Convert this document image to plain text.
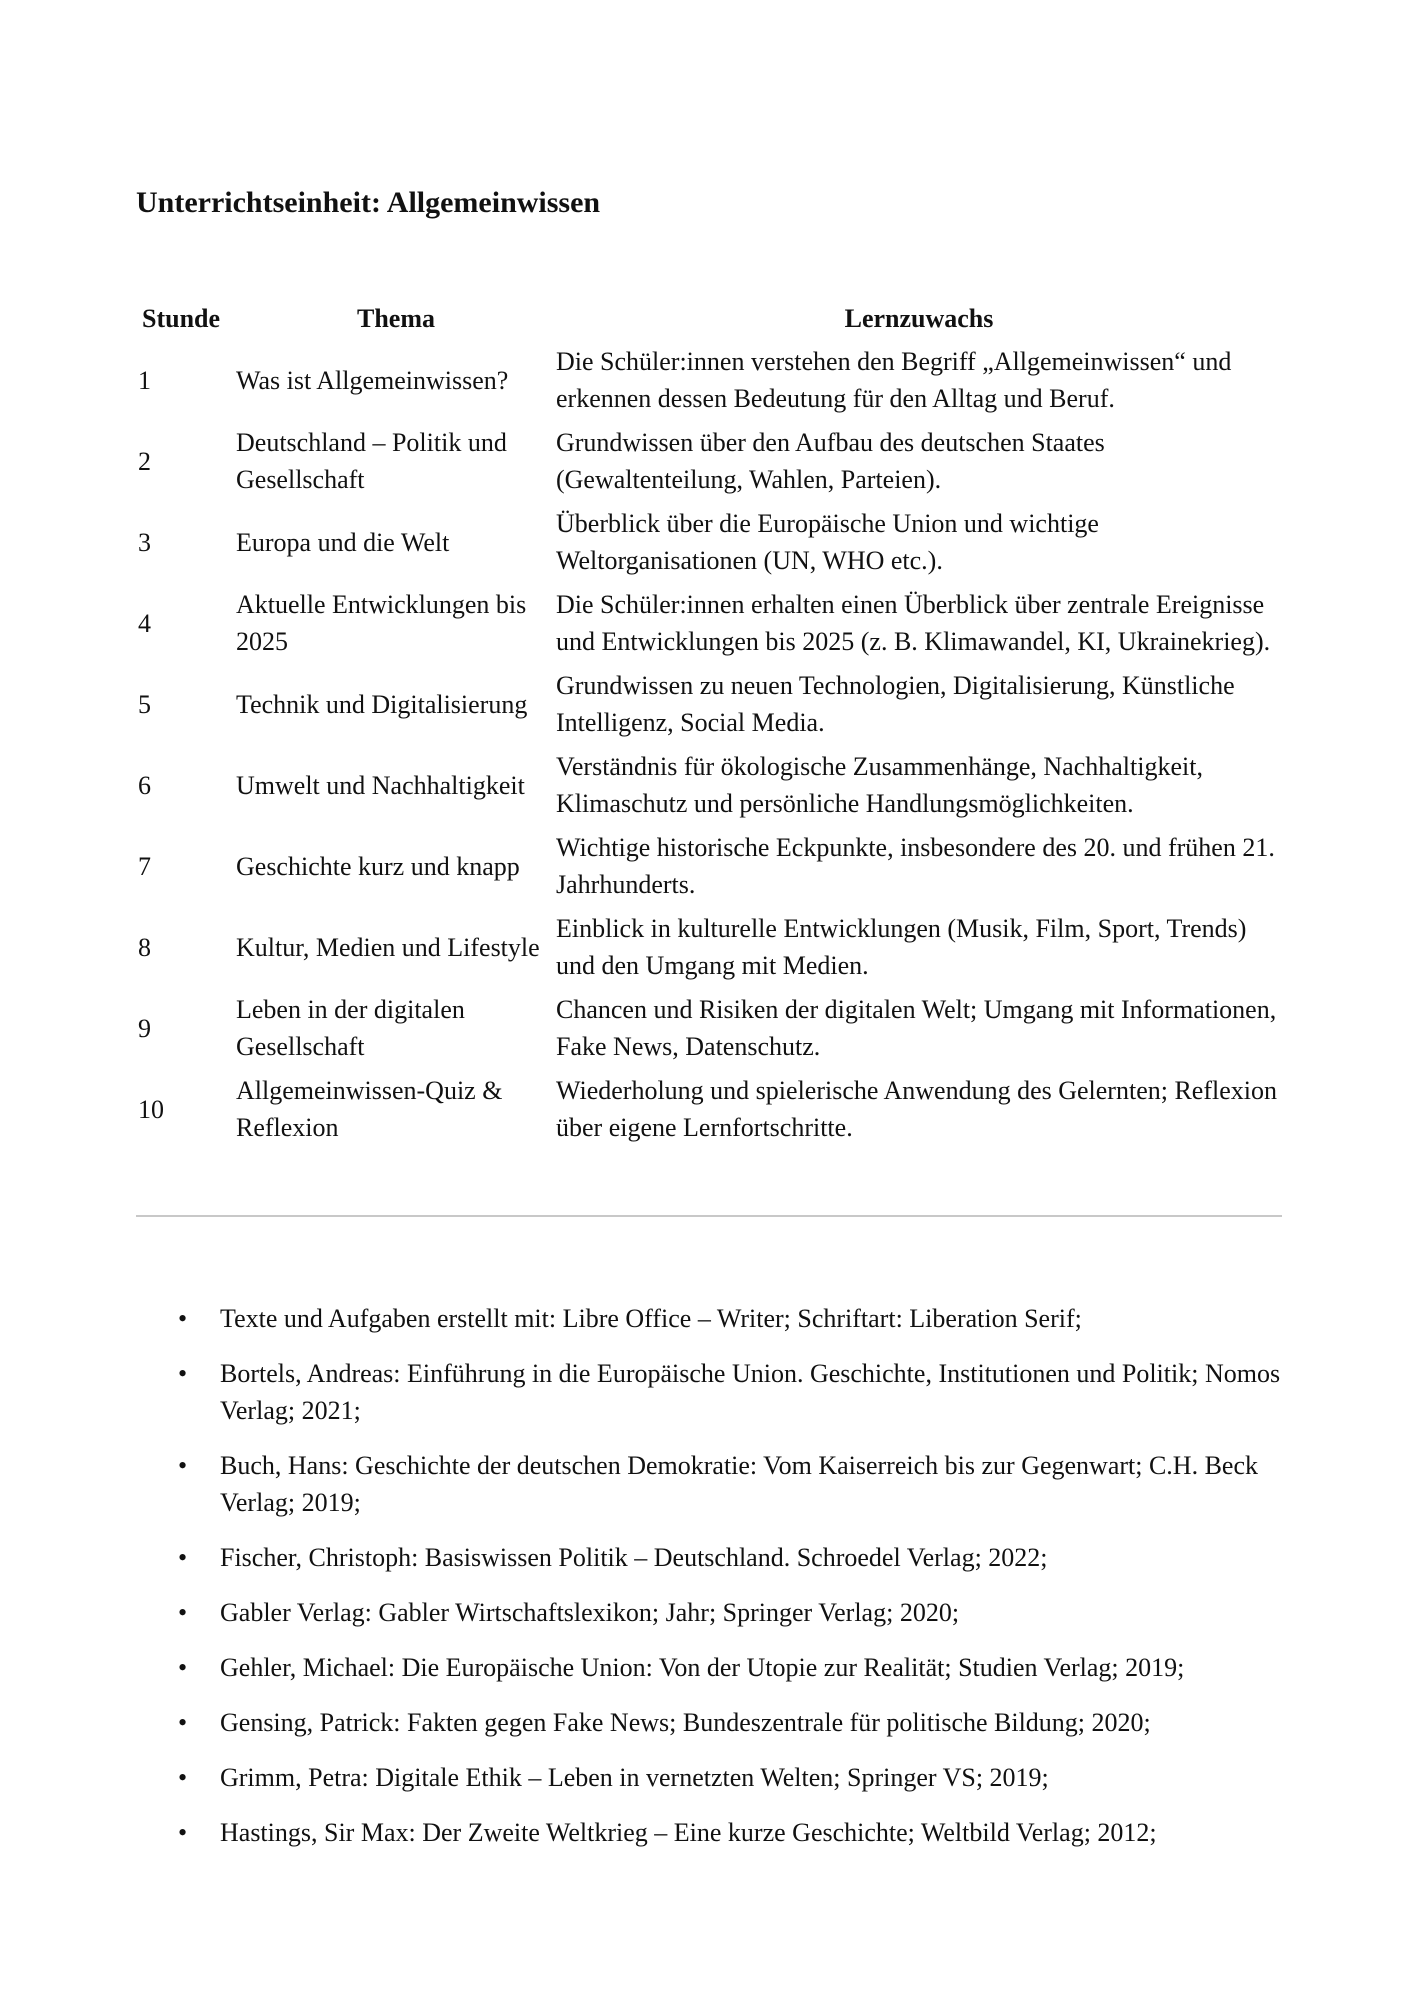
Unterrichtseinheit: Allgemeinwissen
Stunde	Thema	Lernzuwachs
1	Was ist Allgemeinwissen?	Die Schüler:innen verstehen den Begriff „Allgemeinwissen“ und erkennen dessen Bedeutung für den Alltag und Beruf.
2	Deutschland – Politik und Gesellschaft	Grundwissen über den Aufbau des deutschen Staates (Gewaltenteilung, Wahlen, Parteien).
3	Europa und die Welt	Überblick über die Europäische Union und wichtige Weltorganisationen (UN, WHO etc.).
4	Aktuelle Entwicklungen bis 2025	Die Schüler:innen erhalten einen Überblick über zentrale Ereignisse und Entwicklungen bis 2025 (z. B. Klimawandel, KI, Ukrainekrieg).
5	Technik und Digitalisierung	Grundwissen zu neuen Technologien, Digitalisierung, Künstliche Intelligenz, Social Media.
6	Umwelt und Nachhaltigkeit	Verständnis für ökologische Zusammenhänge, Nachhaltigkeit, Klimaschutz und persönliche Handlungsmöglichkeiten.
7	Geschichte kurz und knapp	Wichtige historische Eckpunkte, insbesondere des 20. und frühen 21. Jahrhunderts.
8	Kultur, Medien und Lifestyle	Einblick in kulturelle Entwicklungen (Musik, Film, Sport, Trends) und den Umgang mit Medien.
9	Leben in der digitalen Gesellschaft	Chancen und Risiken der digitalen Welt; Umgang mit Informationen, Fake News, Datenschutz.
10	Allgemeinwissen-Quiz & Reflexion	Wiederholung und spielerische Anwendung des Gelernten; Reflexion über eigene Lernfortschritte.
• Texte und Aufgaben erstellt mit: Libre Office – Writer; Schriftart: Liberation Serif;
• Bortels, Andreas: Einführung in die Europäische Union. Geschichte, Institutionen und Politik; Nomos Verlag; 2021;
• Buch, Hans: Geschichte der deutschen Demokratie: Vom Kaiserreich bis zur Gegenwart; C.H. Beck Verlag; 2019;
• Fischer, Christoph: Basiswissen Politik – Deutschland. Schroedel Verlag; 2022;
• Gabler Verlag: Gabler Wirtschaftslexikon; Jahr; Springer Verlag; 2020;
• Gehler, Michael: Die Europäische Union: Von der Utopie zur Realität; Studien Verlag; 2019;
• Gensing, Patrick: Fakten gegen Fake News; Bundeszentrale für politische Bildung; 2020;
• Grimm, Petra: Digitale Ethik – Leben in vernetzten Welten; Springer VS; 2019;
• Hastings, Sir Max: Der Zweite Weltkrieg – Eine kurze Geschichte; Weltbild Verlag; 2012;
